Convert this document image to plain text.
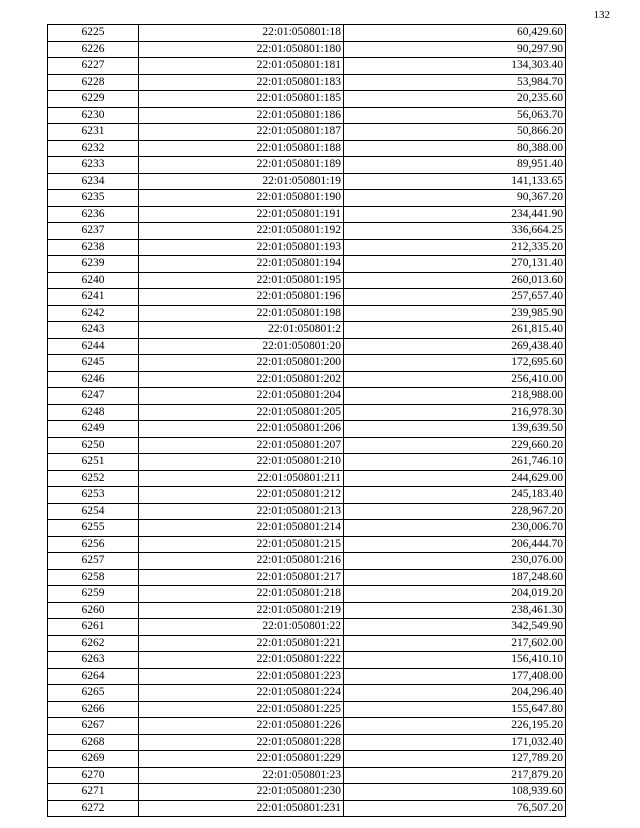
132
6225	22:01:050801:18	60,429.60
6226	22:01:050801:180	90,297.90
6227	22:01:050801:181	134,303.40
6228	22:01:050801:183	53,984.70
6229	22:01:050801:185	20,235.60
6230	22:01:050801:186	56,063.70
6231	22:01:050801:187	50,866.20
6232	22:01:050801:188	80,388.00
6233	22:01:050801:189	89,951.40
6234	22:01:050801:19	141,133.65
6235	22:01:050801:190	90,367.20
6236	22:01:050801:191	234,441.90
6237	22:01:050801:192	336,664.25
6238	22:01:050801:193	212,335.20
6239	22:01:050801:194	270,131.40
6240	22:01:050801:195	260,013.60
6241	22:01:050801:196	257,657.40
6242	22:01:050801:198	239,985.90
6243	22:01:050801:2	261,815.40
6244	22:01:050801:20	269,438.40
6245	22:01:050801:200	172,695.60
6246	22:01:050801:202	256,410.00
6247	22:01:050801:204	218,988.00
6248	22:01:050801:205	216,978.30
6249	22:01:050801:206	139,639.50
6250	22:01:050801:207	229,660.20
6251	22:01:050801:210	261,746.10
6252	22:01:050801:211	244,629.00
6253	22:01:050801:212	245,183.40
6254	22:01:050801:213	228,967.20
6255	22:01:050801:214	230,006.70
6256	22:01:050801:215	206,444.70
6257	22:01:050801:216	230,076.00
6258	22:01:050801:217	187,248.60
6259	22:01:050801:218	204,019.20
6260	22:01:050801:219	238,461.30
6261	22:01:050801:22	342,549.90
6262	22:01:050801:221	217,602.00
6263	22:01:050801:222	156,410.10
6264	22:01:050801:223	177,408.00
6265	22:01:050801:224	204,296.40
6266	22:01:050801:225	155,647.80
6267	22:01:050801:226	226,195.20
6268	22:01:050801:228	171,032.40
6269	22:01:050801:229	127,789.20
6270	22:01:050801:23	217,879.20
6271	22:01:050801:230	108,939.60
6272	22:01:050801:231	76,507.20
